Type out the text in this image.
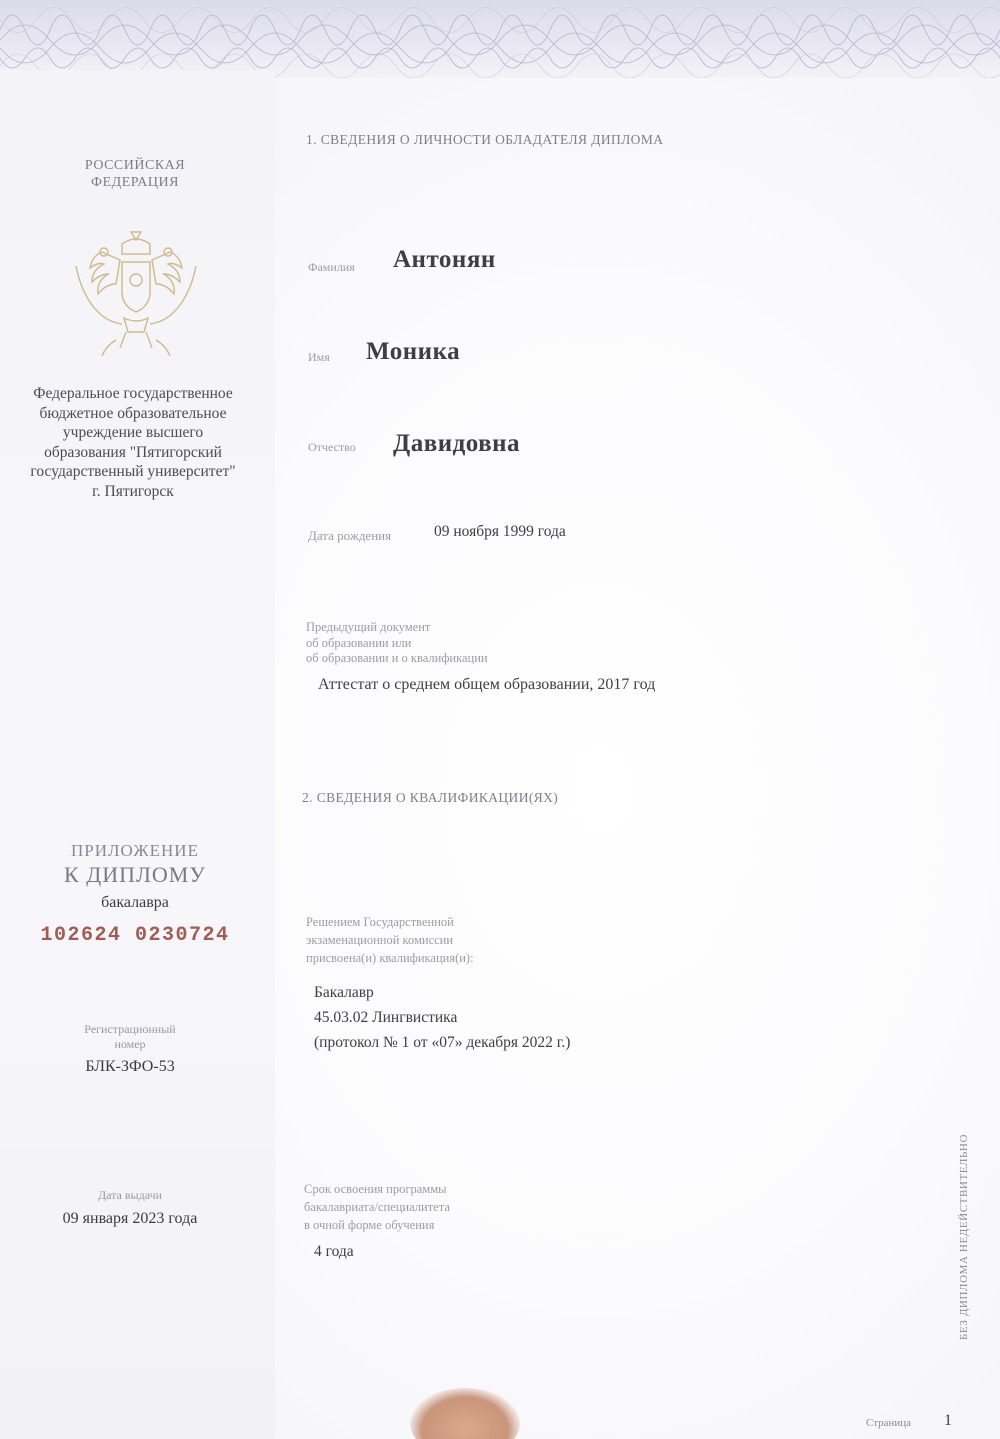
РОССИЙСКАЯ
ФЕДЕРАЦИЯ
Федеральное государственное
бюджетное образовательное
учреждение высшего
образования "Пятигорский
государственный университет"
г. Пятигорск
ПРИЛОЖЕНИЕ
К ДИПЛОМУ
бакалавра
102624 0230724
Регистрационный
номер
БЛК-ЗФО-53
Дата выдачи
09 января 2023 года
1. СВЕДЕНИЯ О ЛИЧНОСТИ ОБЛАДАТЕЛЯ ДИПЛОМА
Фамилия Антонян
Имя Моника
Отчество Давидовна
Дата рождения	09 ноября 1999 года
Предыдущий документ
об образовании или
об образовании и о квалификации
Аттестат о среднем общем образовании, 2017 год
2. СВЕДЕНИЯ О КВАЛИФИКАЦИИ(ЯХ)
Решением Государственной
экзаменационной комиссии
присвоена(и) квалификация(и):
Бакалавр
45.03.02 Лингвистика
(протокол № 1 от «07» декабря 2022 г.)
Срок освоения программы
бакалавриата/специалитета
в очной форме обучения
4 года	БЕЗ ДИПЛОМА НЕДЕЙСТВИТЕЛЬНО
Страница 1
